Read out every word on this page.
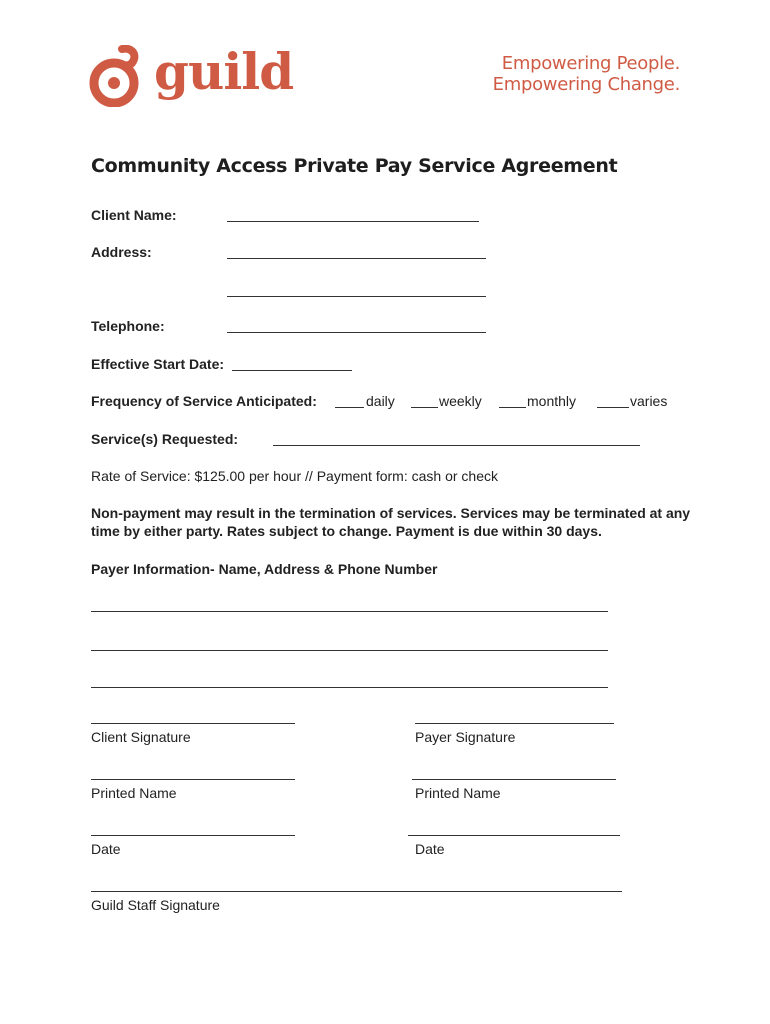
guild	Empowering People.
Empowering Change.
Community Access Private Pay Service Agreement
Client Name:
Address:
Telephone:
Effective Start Date:
Frequency of Service Anticipated:	daily	weekly	monthly	varies
Service(s) Requested:
Rate of Service: $125.00 per hour // Payment form: cash or check
Non-payment may result in the termination of services. Services may be terminated at any time by either party. Rates subject to change. Payment is due within 30 days.
Payer Information- Name, Address & Phone Number
Client Signature	Payer Signature
Printed Name	Printed Name
Date	Date
Guild Staff Signature
